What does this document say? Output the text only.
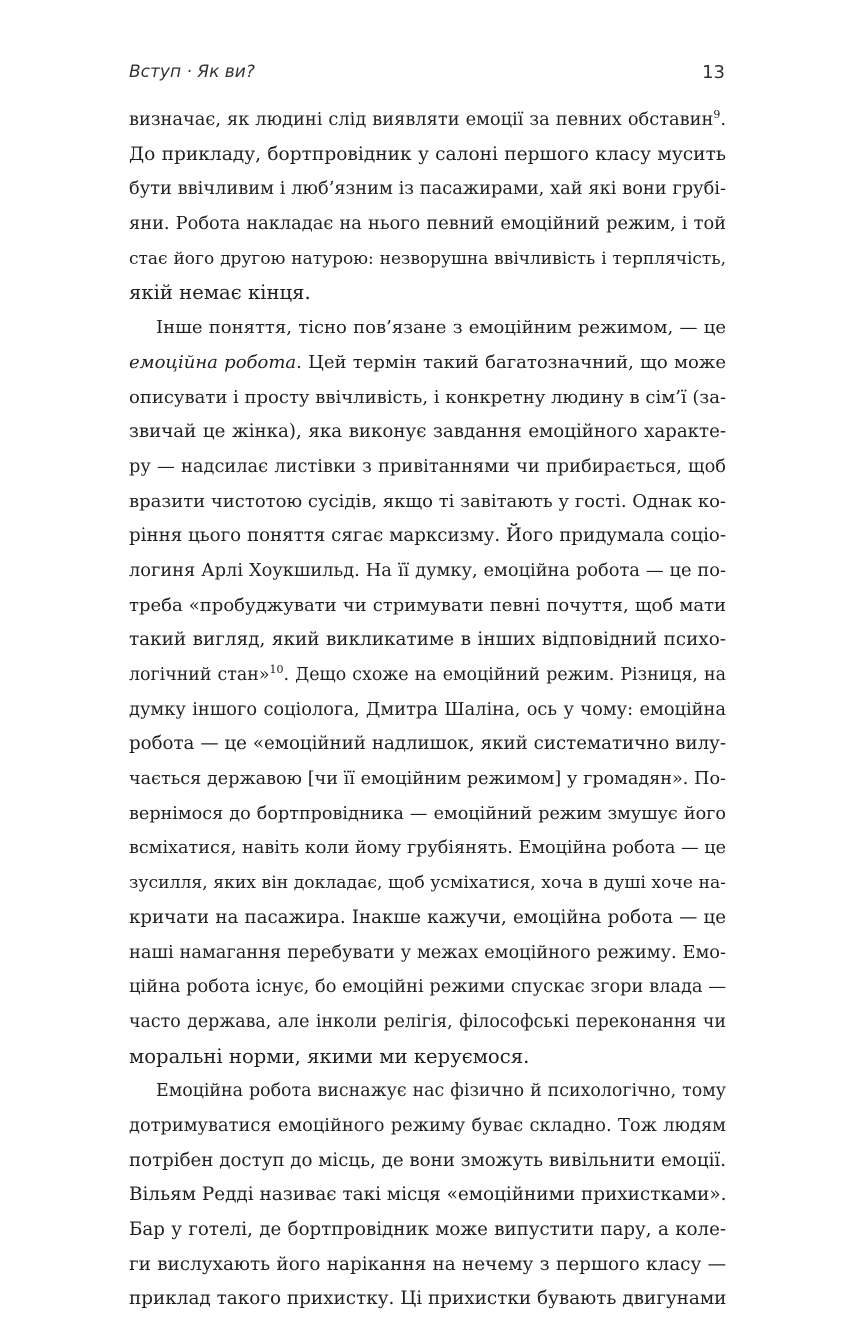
Вступ · Як ви?	13
визначає, як людині слід виявляти емоції за певних обставин$^9$.
До прикладу, бортпровідник у салоні першого класу мусить
бути ввічливим і люб’язним із пасажирами, хай які вони грубі-
яни. Робота накладає на нього певний емоційний режим, і той
стає його другою натурою: незворушна ввічливість і терплячість,
якій немає кінця.
Інше поняття, тісно пов’язане з емоційним режимом, — це
емоційна робота. Цей термін такий багатозначний, що може
описувати і просту ввічливість, і конкретну людину в сім’ї (за-
звичай це жінка), яка виконує завдання емоційного характе-
ру — надсилає листівки з привітаннями чи прибирається, щоб
вразити чистотою сусідів, якщо ті завітають у гості. Однак ко-
ріння цього поняття сягає марксизму. Його придумала соціо-
логиня Арлі Хоукшильд. На її думку, емоційна робота — це по-
треба «пробуджувати чи стримувати певні почуття, щоб мати
такий вигляд, який викликатиме в інших відповідний психо-
логічний стан»$^{10}$. Дещо схоже на емоційний режим. Різниця, на
думку іншого соціолога, Дмитра Шаліна, ось у чому: емоційна
робота — це «емоційний надлишок, який систематично вилу-
чається державою [чи її емоційним режимом] у громадян». По-
вернімося до бортпровідника — емоційний режим змушує його
всміхатися, навіть коли йому грубіянять. Емоційна робота — це
зусилля, яких він докладає, щоб усміхатися, хоча в душі хоче на-
кричати на пасажира. Інакше кажучи, емоційна робота — це
наші намагання перебувати у межах емоційного режиму. Емо-
ційна робота існує, бо емоційні режими спускає згори влада —
часто держава, але інколи релігія, філософські переконання чи
моральні норми, якими ми керуємося.
Емоційна робота виснажує нас фізично й психологічно, тому
дотримуватися емоційного режиму буває складно. Тож людям
потрібен доступ до місць, де вони зможуть вивільнити емоції.
Вільям Редді називає такі місця «емоційними прихистками».
Бар у готелі, де бортпровідник може випустити пару, а коле-
ги вислухають його нарікання на нечему з першого класу —
приклад такого прихистку. Ці прихистки бувають двигунами
